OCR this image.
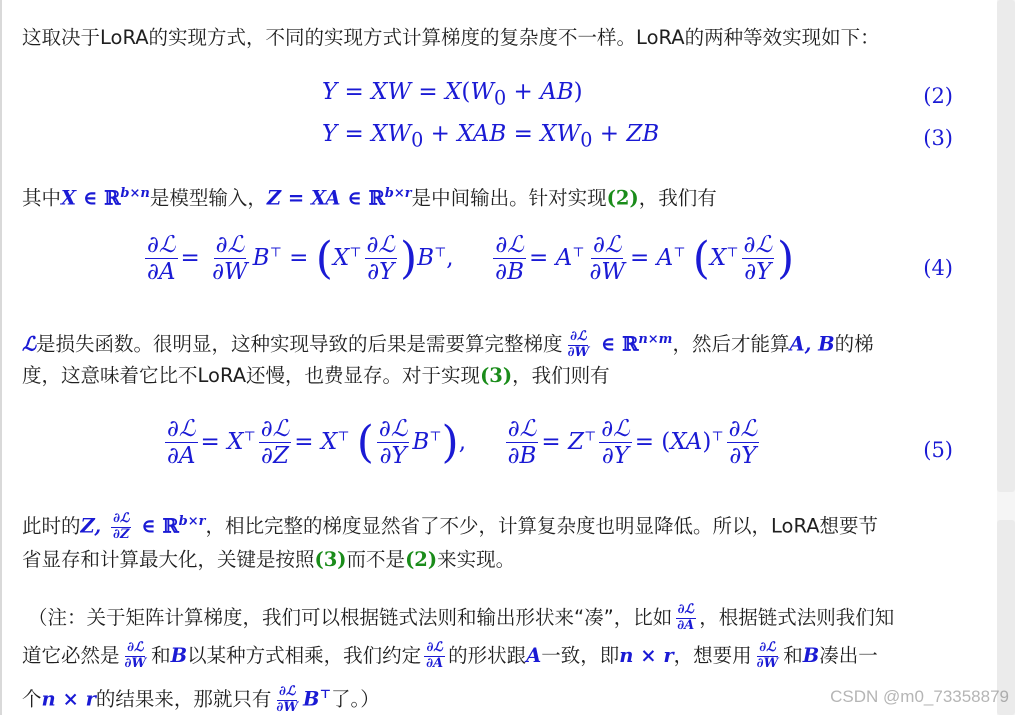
这取决于LoRA的实现方式，不同的实现方式计算梯度的复杂度不一样。LoRA的两种等效实现如下：
Y = XW = $X(W_0 + AB)$	(2)
$Y = XW_0$ + XAB = $XW_0$ + ZB	(3)
其中X ∈ ℝ$^{b\times n}$是模型输入，Z = XA ∈ ℝ$^{b\times r}$是中间输出。针对实现(2)，我们有
$\frac{\text{∂ℒ}}{\partial A} = \frac{\text{∂ℒ}}{\partial W} B^⊤ = (X^⊤ \frac{\text{∂ℒ}}{\partial Y} )B^⊤$, $\frac{\text{∂ℒ}}{\partial B} = A^⊤ \frac{\text{∂ℒ}}{\partial W} = A^⊤$ ($X^⊤ \frac{\text{∂ℒ}}{\partial Y}$ )	(4)
ℒ是损失函数。很明显，这种实现导致的后果是需要算完整梯度 $\frac{\text{∂ℒ}}{\partial W}$ ∈ ℝ$^{n\times m}$，然后才能算A, B的梯
度，这意味着它比不LoRA还慢，也费显存。对于实现(3)，我们则有
$\frac{\text{∂ℒ}}{\partial A} = X^⊤ \frac{\text{∂ℒ}}{\partial Z} = X^⊤$ ( $\frac{\text{∂ℒ}}{\partial Y} B^⊤$), $\frac{\text{∂ℒ}}{\partial B} = Z^⊤ \frac{\text{∂ℒ}}{\partial Y} = (XA)^⊤ \frac{\text{∂ℒ}}{\partial Y}$	(5)
此时的Z, $\frac{\text{∂ℒ}}{\partial Z}$ ∈ ℝ$^{b\times r}$，相比完整的梯度显然省了不少，计算复杂度也明显降低。所以，LoRA想要节
省显存和计算最大化，关键是按照(3)而不是(2)来实现。
（注：关于矩阵计算梯度，我们可以根据链式法则和输出形状来“凑”，比如 $\frac{\text{∂ℒ}}{\partial A}$ ，根据链式法则我们知
道它必然是 $\frac{\text{∂ℒ}}{\partial W}$ 和B以某种方式相乘，我们约定 $\frac{\text{∂ℒ}}{\partial A}$ 的形状跟A一致，即n × r，想要用 $\frac{\text{∂ℒ}}{\partial W}$ 和B凑出一
个n × r的结果来，那就只有 $\frac{\text{∂ℒ}}{\partial W} B^⊤$了。）	CSDN @m0_73358879
